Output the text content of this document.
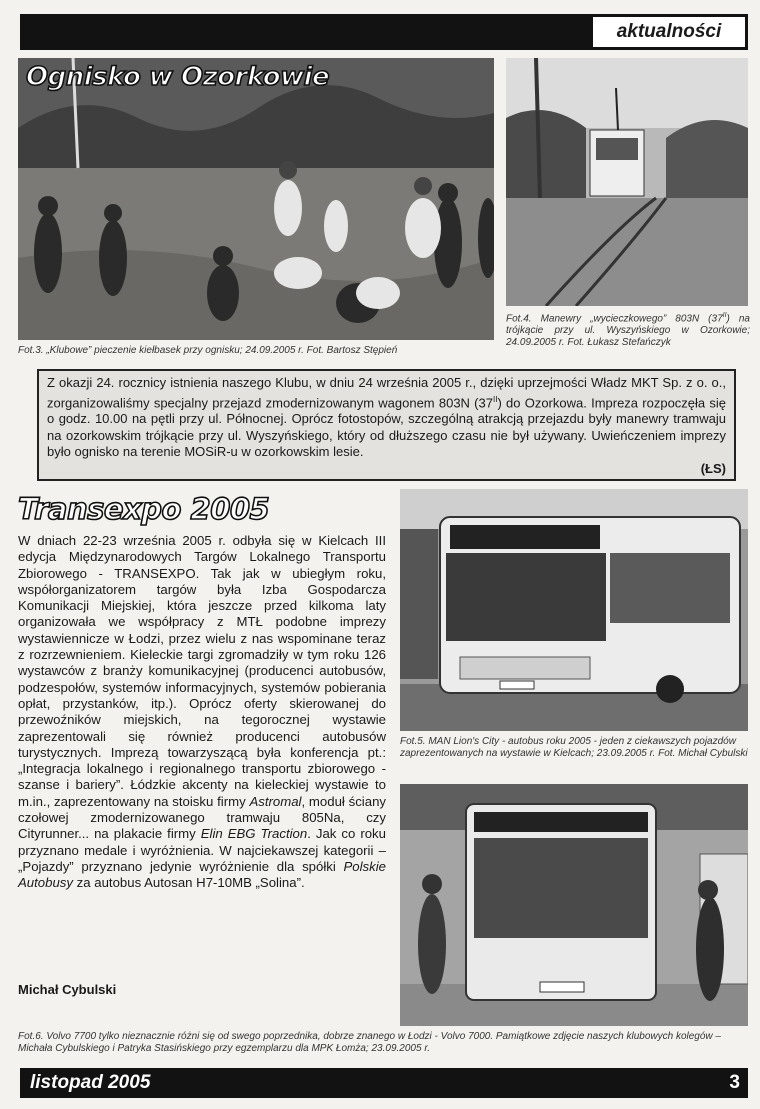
aktualności
Ognisko w Ozorkowie
Fot.3. „Klubowe” pieczenie kiełbasek przy ognisku; 24.09.2005 r. Fot. Bartosz Stępień
Fot.4. Manewry „wycieczkowego” 803N $(37^{II})$ na trójkącie przy ul. Wyszyńskiego w Ozorkowie; 24.09.2005 r. Fot. Łukasz Stefańczyk
Z okazji 24. rocznicy istnienia naszego Klubu, w dniu 24 września 2005 r., dzięki uprzejmości Władz MKT Sp. z o. o., zorganizowaliśmy specjalny przejazd zmodernizowanym wagonem 803N $(37^{II})$ do Ozorkowa. Impreza rozpoczęła się o godz. 10.00 na pętli przy ul. Północnej. Oprócz fotostopów, szczególną atrakcją przejazdu były manewry tramwaju na ozorkowskim trójkącie przy ul. Wyszyńskiego, który od dłuższego czasu nie był używany. Uwieńczeniem imprezy było ognisko na terenie MOSiR-u w ozorkowskim lesie.
(ŁS)
Transexpo 2005

W dniach 22-23 września 2005 r. odbyła się w Kielcach III edycja Międzynarodowych Targów Lokalnego Transportu Zbiorowego - TRANSEXPO. Tak jak w ubiegłym roku, współorganizatorem targów była Izba Gospodarcza Komunikacji Miejskiej, która jeszcze przed kilkoma laty organizowała we współpracy z MTŁ podobne imprezy wystawiennicze w Łodzi, przez wielu z nas wspominane teraz z rozrzewnieniem. Kieleckie targi zgromadziły w tym roku 126 wystawców z branży komunikacyjnej (producenci autobusów, podzespołów, systemów informacyjnych, systemów pobierania opłat, przystanków, itp.). Oprócz oferty skierowanej do przewoźników miejskich, na tegorocznej wystawie zaprezentowali się również producenci autobusów turystycznych. Imprezą towarzyszącą była konferencja pt.: „Integracja lokalnego i regionalnego transportu zbiorowego - szanse i bariery”. Łódzkie akcenty na kieleckiej wystawie to m.in., zaprezentowany na stoisku firmy Astromal, moduł ściany czołowej zmodernizowanego tramwaju 805Na, czy Cityrunner... na plakacie firmy Elin EBG Traction. Jak co roku przyznano medale i wyróżnienia. W najciekawszej kategorii – „Pojazdy” przyznano jedynie wyróżnienie dla spółki Polskie Autobusy za autobus Autosan H7-10MB „Solina”.

Michał Cybulski
Fot.5. MAN Lion's City - autobus roku 2005 - jeden z ciekawszych pojazdów zaprezentowanych na wystawie w Kielcach; 23.09.2005 r. Fot. Michał Cybulski
Fot.6. Volvo 7700 tylko nieznacznie różni się od swego poprzednika, dobrze znanego w Łodzi - Volvo 7000. Pamiątkowe zdjęcie naszych klubowych kolegów – Michała Cybulskiego i Patryka Stasińskiego przy egzemplarzu dla MPK Łomża; 23.09.2005 r.
listopad 2005	3
